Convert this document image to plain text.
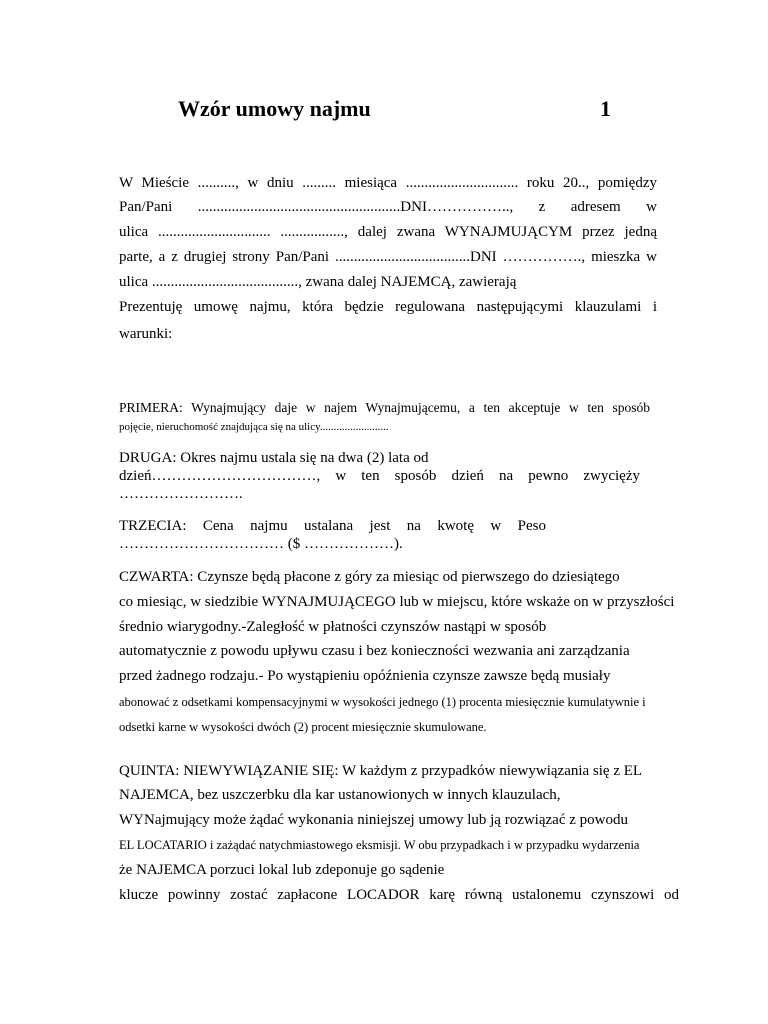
Wzór umowy najmu	1
W Mieście .........., w dniu ......... miesiąca .............................. roku 20.., pomiędzy
Pan/Pani ......................................................DNI…………….., z adresem w
ulica .............................. ................., dalej zwana WYNAJMUJĄCYM przez jedną
parte, a z drugiej strony Pan/Pani ....................................DNI ……………., mieszka w
ulica ......................................., zwana dalej NAJEMCĄ, zawierają
Prezentuję umowę najmu, która będzie regulowana następującymi klauzulami i
warunki:
PRIMERA: Wynajmujący daje w najem Wynajmującemu, a ten akceptuje w ten sposób
pojęcie, nieruchomość znajdująca się na ulicy.........................
DRUGA: Okres najmu ustala się na dwa (2) lata od
dzień……………………………, w ten sposób dzień na pewno zwycięży
…………………….
TRZECIA: Cena najmu ustalana jest na kwotę w Peso
…………………………… ($ ………………).
CZWARTA: Czynsze będą płacone z góry za miesiąc od pierwszego do dziesiątego
co miesiąc, w siedzibie WYNAJMUJĄCEGO lub w miejscu, które wskaże on w przyszłości
średnio wiarygodny.-Zaległość w płatności czynszów nastąpi w sposób
automatycznie z powodu upływu czasu i bez konieczności wezwania ani zarządzania
przed żadnego rodzaju.- Po wystąpieniu opóźnienia czynsze zawsze będą musiały
abonować z odsetkami kompensacyjnymi w wysokości jednego (1) procenta miesięcznie kumulatywnie i
odsetki karne w wysokości dwóch (2) procent miesięcznie skumulowane.
QUINTA: NIEWYWIĄZANIE SIĘ: W każdym z przypadków niewywiązania się z EL
NAJEMCA, bez uszczerbku dla kar ustanowionych w innych klauzulach,
WYNajmujący może żądać wykonania niniejszej umowy lub ją rozwiązać z powodu
EL LOCATARIO i zażądać natychmiastowego eksmisji. W obu przypadkach i w przypadku wydarzenia
że NAJEMCA porzuci lokal lub zdeponuje go sądenie
klucze powinny zostać zapłacone LOCADOR karę równą ustalonemu czynszowi od
